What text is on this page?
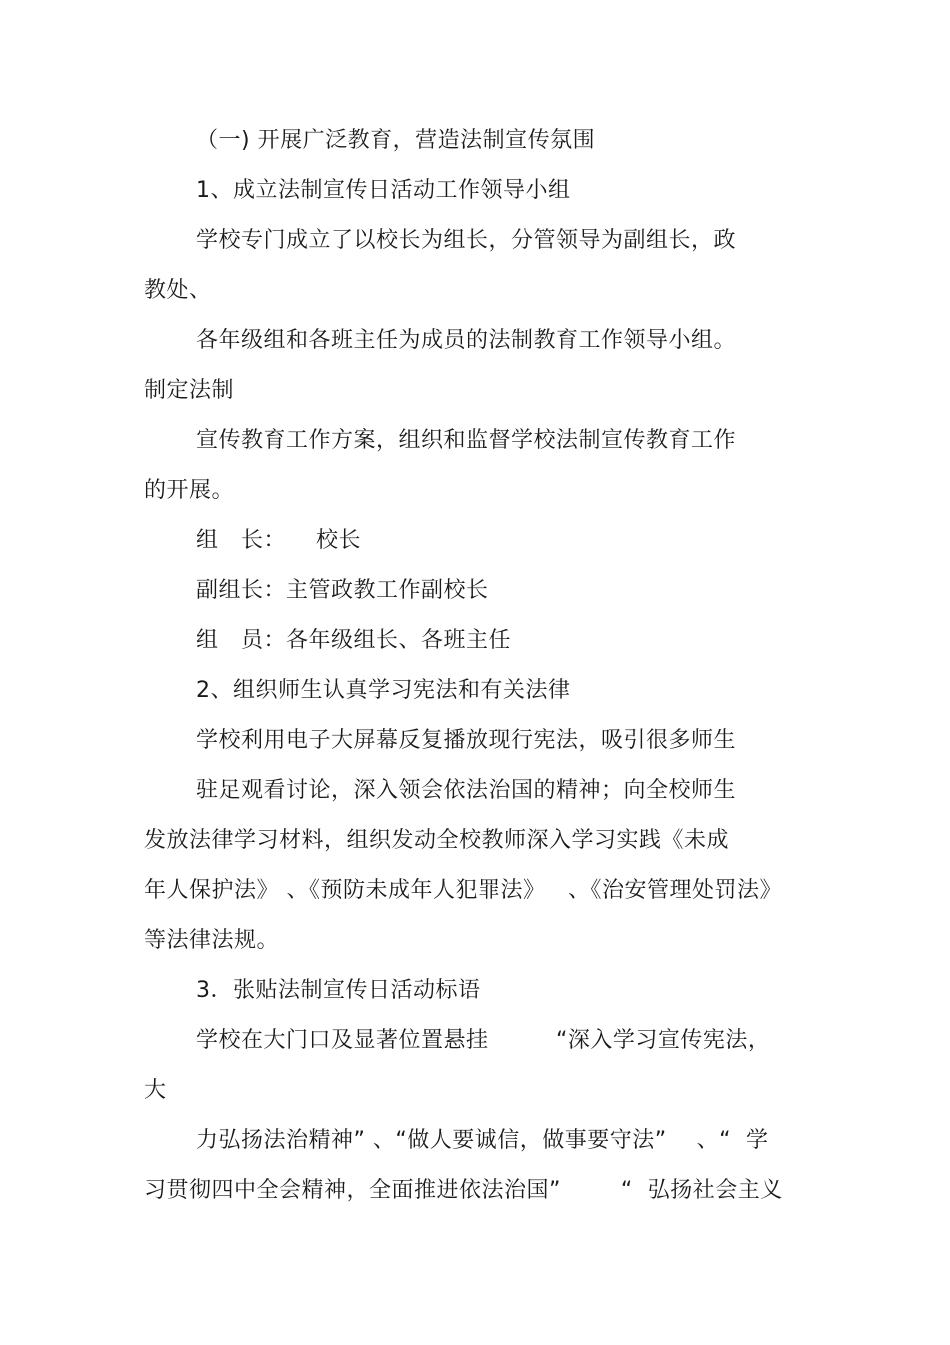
（一) 开展广泛教育，营造法制宣传氛围
1、成立法制宣传日活动工作领导小组
学校专门成立了以校长为组长，分管领导为副组长，政
教处、
各年级组和各班主任为成员的法制教育工作领导小组。
制定法制
宣传教育工作方案，组织和监督学校法制宣传教育工作
的开展。
组   长：    校长
副组长：主管政教工作副校长
组   员：各年级组长、各班主任
2、组织师生认真学习宪法和有关法律
学校利用电子大屏幕反复播放现行宪法，吸引很多师生
驻足观看讨论，深入领会依法治国的精神；向全校师生
发放法律学习材料，组织发动全校教师深入学习实践《未成
年人保护法》 、《预防未成年人犯罪法》   、《治安管理处罚法》
等法律法规。
3．张贴法制宣传日活动标语
学校在大门口及显著位置悬挂         “深入学习宣传宪法，
大
力弘扬法治精神” 、“做人要诚信，做事要守法”    、“  学
习贯彻四中全会精神，全面推进依法治国”        “  弘扬社会主义
